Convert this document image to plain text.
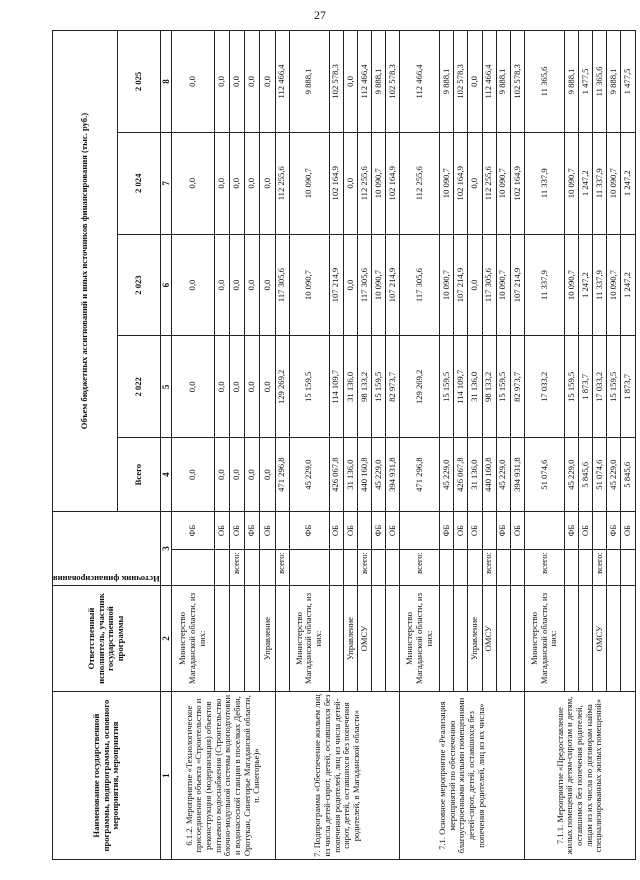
27
Наименование государственной программы, подпрограммы, основного мероприятия, мероприятия	Ответственный исполнитель, участник государственной программы	Источник финансирования		Объем бюджетных ассигнований и иных источников финансирования (тыс. руб.)				
				Всего	2 022	2 023	2 024	2 025
1	2	3		4	5	6	7	8
6.1.2. Мероприятие «Технологическое присоединение объекта «Строительство и реконструкция (модернизация) объектов питьевого водоснабжения (Строительство блочно-модульной системы водоподготовки и водонасосной станции в поселках Дебин, Оротукан, Синегорье Магаданской области, п. Синегорье)»	Министерство Магаданской области, из них:		ФБ	0,0	0,0	0,0	0,0	0,0
			ОБ	0,0	0,0	0,0	0,0	0,0
		всего:	ОБ	0,0	0,0	0,0	0,0	0,0
			ФБ	0,0	0,0	0,0	0,0	0,0
	Управление		ОБ	0,0	0,0	0,0	0,0	0,0
7. Подпрограмма «Обеспечение жильем лиц из числа детей-сирот, детей, оставшихся без попечения родителей, лиц из числа детей-сирот, детей, оставшихся без попечения родителей, в Магаданской области»		всего:		471 296,8	129 269,2	117 305,6	112 255,6	112 466,4
	Министерство Магаданской области, из них:		ФБ	45 229,0	15 159,5	10 090,7	10 090,7	9 888,1
			ОБ	426 067,8	114 109,7	107 214,9	102 164,9	102 578,3
	Управление		ОБ	31 136,0	31 136,0	0,0	0,0	0,0
	ОМСУ	всего:		440 160,8	98 133,2	117 305,6	112 255,6	112 466,4
			ФБ	45 229,0	15 159,5	10 090,7	10 090,7	9 888,1
			ОБ	394 931,8	82 973,7	107 214,9	102 164,9	102 578,3
7.1. Основное мероприятие «Реализация мероприятий по обеспечению благоустроенными жилыми помещениями детей-сирот, детей, оставшихся без попечения родителей, лиц из их числа»	Министерство Магаданской области, из них:	всего:		471 296,8	129 269,2	117 305,6	112 255,6	112 466,4
			ФБ	45 229,0	15 159,5	10 090,7	10 090,7	9 888,1
			ОБ	426 067,8	114 109,7	107 214,9	102 164,9	102 578,3
	Управление		ОБ	31 136,0	31 136,0	0,0	0,0	0,0
	ОМСУ	всего:		440 160,8	98 133,2	117 305,6	112 255,6	112 466,4
			ФБ	45 229,0	15 159,5	10 090,7	10 090,7	9 888,1
			ОБ	394 931,8	82 973,7	107 214,9	102 164,9	102 578,3
7.1.1. Мероприятие «Предоставление жилых помещений детям-сиротам и детям, оставшимся без попечения родителей, лицам из их числа по договорам найма специализированных жилых помещений»	Министерство Магаданской области, из них:	всего:		51 074,6	17 033,2	11 337,9	11 337,9	11 365,6
			ФБ	45 229,0	15 159,5	10 090,7	10 090,7	9 888,1
			ОБ	5 845,6	1 873,7	1 247,2	1 247,2	1 477,5
	ОМСУ	всего:		51 074,6	17 033,2	11 337,9	11 337,9	11 365,6
			ФБ	45 229,0	15 159,5	10 090,7	10 090,7	9 888,1
			ОБ	5 845,6	1 873,7	1 247,2	1 247,2	1 477,5
